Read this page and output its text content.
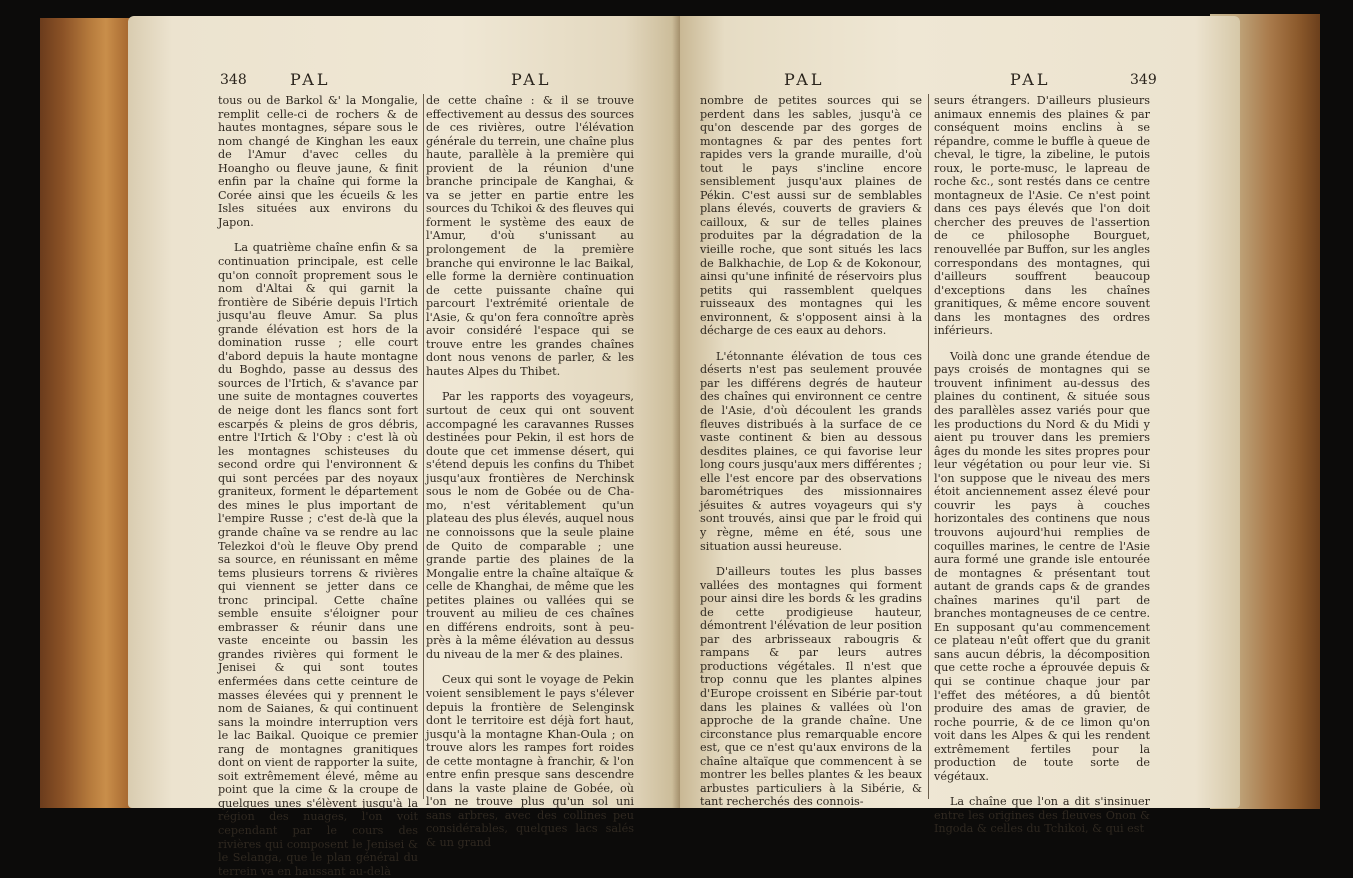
348	PAL	PAL

tous ou de Barkol &' la Mongalie, remplit celle-ci de rochers & de hautes montagnes, sépare sous le nom changé de Kinghan les eaux de l'Amur d'avec celles du Hoangho ou fleuve jaune, & finit enfin par la chaîne qui forme la Corée ainsi que les écueils & les Isles situées aux environs du Japon.

La quatrième chaîne enfin & sa continuation principale, est celle qu'on connoît proprement sous le nom d'Altai & qui garnit la frontière de Sibérie depuis l'Irtich jusqu'au fleuve Amur. Sa plus grande élévation est hors de la domination russe ; elle court d'abord depuis la haute montagne du Boghdo, passe au dessus des sources de l'Irtich, & s'avance par une suite de montagnes couvertes de neige dont les flancs sont fort escarpés & pleins de gros débris, entre l'Irtich & l'Oby : c'est là où les montagnes schisteuses du second ordre qui l'environnent & qui sont percées par des noyaux graniteux, forment le département des mines le plus important de l'empire Russe ; c'est de-là que la grande chaîne va se rendre au lac Telezkoi d'où le fleuve Oby prend sa source, en réunissant en même tems plusieurs torrens & rivières qui viennent se jetter dans ce tronc principal. Cette chaîne semble ensuite s'éloigner pour embrasser & réunir dans une vaste enceinte ou bassin les grandes rivières qui forment le Jenisei & qui sont toutes enfermées dans cette ceinture de masses élevées qui y prennent le nom de Saianes, & qui continuent sans la moindre interruption vers le lac Baikal. Quoique ce premier rang de montagnes granitiques dont on vient de rapporter la suite, soit extrêmement élevé, même au point que la cime & la croupe de quelques unes s'élèvent jusqu'à la région des nuages, l'on voit cependant par le cours des rivières qui composent le Jenisei & le Selanga, que le plan général du terrein va en haussant au-delà

de cette chaîne : & il se trouve effectivement au dessus des sources de ces rivières, outre l'élévation générale du terrein, une chaîne plus haute, parallèle à la première qui provient de la réunion d'une branche principale de Kanghai, & va se jetter en partie entre les sources du Tchikoi & des fleuves qui forment le système des eaux de l'Amur, d'où s'unissant au prolongement de la première branche qui environne le lac Baikal, elle forme la dernière continuation de cette puissante chaîne qui parcourt l'extrémité orientale de l'Asie, & qu'on fera connoître après avoir considéré l'espace qui se trouve entre les grandes chaînes dont nous venons de parler, & les hautes Alpes du Thibet.

Par les rapports des voyageurs, surtout de ceux qui ont souvent accompagné les caravannes Russes destinées pour Pekin, il est hors de doute que cet immense désert, qui s'étend depuis les confins du Thibet jusqu'aux frontières de Nerchinsk sous le nom de Gobée ou de Cha-mo, n'est véritablement qu'un plateau des plus élevés, auquel nous ne connoissons que la seule plaine de Quito de comparable ; une grande partie des plaines de la Mongalie entre la chaîne altaïque & celle de Khanghai, de même que les petites plaines ou vallées qui se trouvent au milieu de ces chaînes en différens endroits, sont à peu-près à la même élévation au dessus du niveau de la mer & des plaines.

Ceux qui sont le voyage de Pekin voient sensiblement le pays s'élever depuis la frontière de Selenginsk dont le territoire est déjà fort haut, jusqu'à la montagne Khan-Oula ; on trouve alors les rampes fort roides de cette montagne à franchir, & l'on entre enfin presque sans descendre dans la vaste plaine de Gobée, où l'on ne trouve plus qu'un sol uni sans arbres, avec des collines peu considérables, quelques lacs salés & un grand

PAL	PAL	349

nombre de petites sources qui se perdent dans les sables, jusqu'à ce qu'on descende par des gorges de montagnes & par des pentes fort rapides vers la grande muraille, d'où tout le pays s'incline encore sensiblement jusqu'aux plaines de Pékin. C'est aussi sur de semblables plans élevés, couverts de graviers & cailloux, & sur de telles plaines produites par la dégradation de la vieille roche, que sont situés les lacs de Balkhachie, de Lop & de Kokonour, ainsi qu'une infinité de réservoirs plus petits qui rassemblent quelques ruisseaux des montagnes qui les environnent, & s'opposent ainsi à la décharge de ces eaux au dehors.

L'étonnante élévation de tous ces déserts n'est pas seulement prouvée par les différens degrés de hauteur des chaînes qui environnent ce centre de l'Asie, d'où découlent les grands fleuves distribués à la surface de ce vaste continent & bien au dessous desdites plaines, ce qui favorise leur long cours jusqu'aux mers différentes ; elle l'est encore par des observations barométriques des missionnaires jésuites & autres voyageurs qui s'y sont trouvés, ainsi que par le froid qui y règne, même en été, sous une situation aussi heureuse.

D'ailleurs toutes les plus basses vallées des montagnes qui forment pour ainsi dire les bords & les gradins de cette prodigieuse hauteur, démontrent l'élévation de leur position par des arbrisseaux rabougris & rampans & par leurs autres productions végétales. Il n'est que trop connu que les plantes alpines d'Europe croissent en Sibérie par-tout dans les plaines & vallées où l'on approche de la grande chaîne. Une circonstance plus remarquable encore est, que ce n'est qu'aux environs de la chaîne altaïque que commencent à se montrer les belles plantes & les beaux arbustes particuliers à la Sibérie, & tant recherchés des connois-

seurs étrangers. D'ailleurs plusieurs animaux ennemis des plaines & par conséquent moins enclins à se répandre, comme le buffle à queue de cheval, le tigre, la zibeline, le putois roux, le porte-musc, le lapreau de roche &c., sont restés dans ce centre montagneux de l'Asie. Ce n'est point dans ces pays élevés que l'on doit chercher des preuves de l'assertion de ce philosophe Bourguet, renouvellée par Buffon, sur les angles correspondans des montagnes, qui d'ailleurs souffrent beaucoup d'exceptions dans les chaînes granitiques, & même encore souvent dans les montagnes des ordres inférieurs.

Voilà donc une grande étendue de pays croisés de montagnes qui se trouvent infiniment au-dessus des plaines du continent, & située sous des parallèles assez variés pour que les productions du Nord & du Midi y aient pu trouver dans les premiers âges du monde les sites propres pour leur végétation ou pour leur vie. Si l'on suppose que le niveau des mers étoit anciennement assez élevé pour couvrir les pays à couches horizontales des continens que nous trouvons aujourd'hui remplies de coquilles marines, le centre de l'Asie aura formé une grande isle entourée de montagnes & présentant tout autant de grands caps & de grandes chaînes marines qu'il part de branches montagneuses de ce centre. En supposant qu'au commencement ce plateau n'eût offert que du granit sans aucun débris, la décomposition que cette roche a éprouvée depuis & qui se continue chaque jour par l'effet des météores, a dû bientôt produire des amas de gravier, de roche pourrie, & de ce limon qu'on voit dans les Alpes & qui les rendent extrêmement fertiles pour la production de toute sorte de végétaux.

La chaîne que l'on a dit s'insinuer entre les origines des fleuves Onon & Ingoda & celles du Tchikoi, & qui est
